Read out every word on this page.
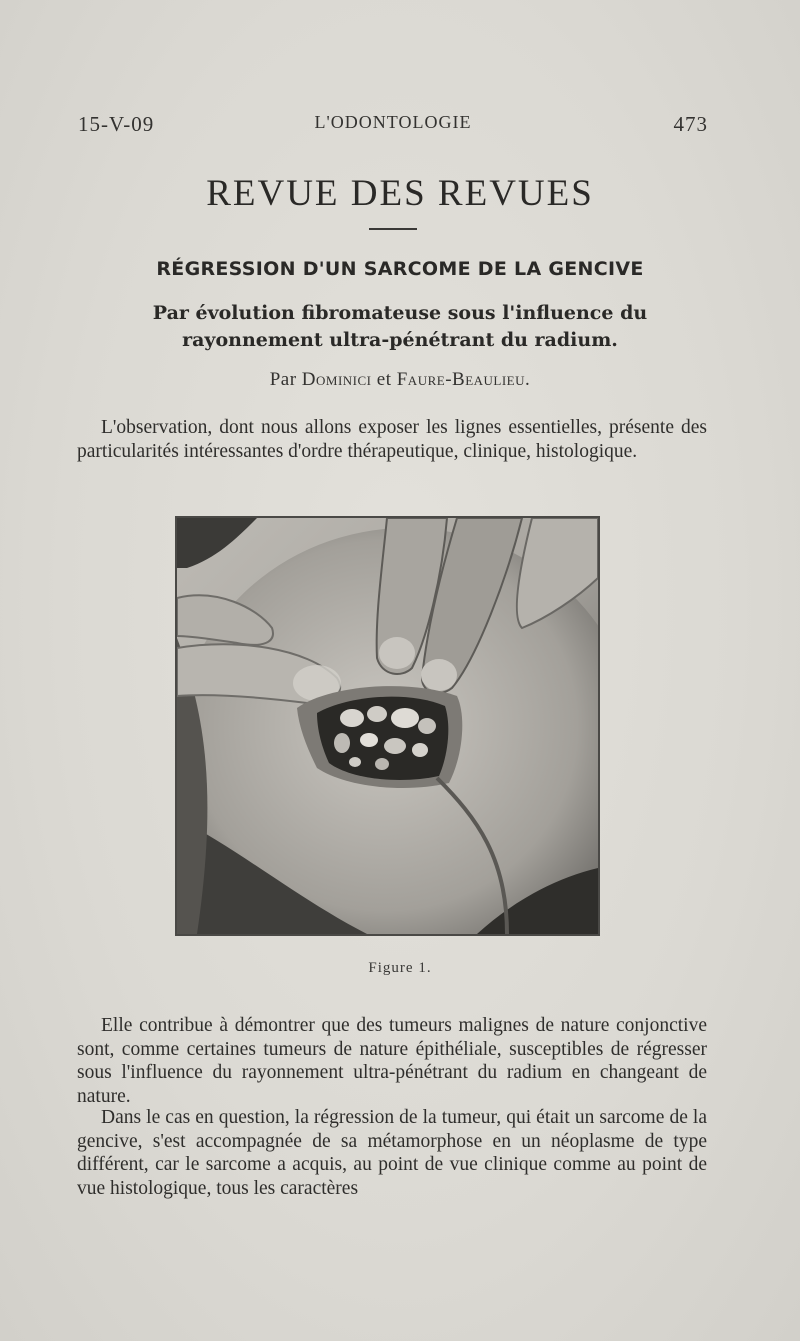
15-V-09	L'ODONTOLOGIE	473
REVUE DES REVUES
RÉGRESSION D'UN SARCOME DE LA GENCIVE
Par évolution fibromateuse sous l'influence du rayonnement ultra-pénétrant du radium.
Par Dominici et Faure-Beaulieu.

L'observation, dont nous allons exposer les lignes essentielles, présente des particularités intéressantes d'ordre thérapeutique, clinique, histologique.

Figure 1.

Elle contribue à démontrer que des tumeurs malignes de nature conjonctive sont, comme certaines tumeurs de nature épithéliale, susceptibles de régresser sous l'influence du rayonnement ultra-pénétrant du radium en changeant de nature.

Dans le cas en question, la régression de la tumeur, qui était un sarcome de la gencive, s'est accompagnée de sa métamorphose en un néoplasme de type différent, car le sarcome a acquis, au point de vue clinique comme au point de vue histologique, tous les caractères
